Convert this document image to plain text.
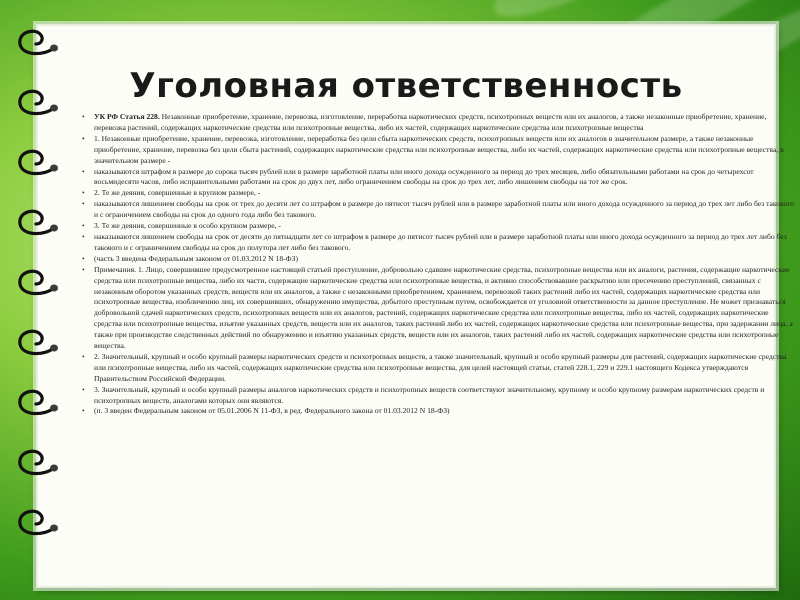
Уголовная ответственность
• УК РФ Статья 228. Незаконные приобретение, хранение, перевозка, изготовление, переработка наркотических средств, психотропных веществ или их аналогов, а также незаконные приобретение, хранение, перевозка растений, содержащих наркотические средства или психотропные вещества, либо их частей, содержащих наркотические средства или психотропные вещества
• 1. Незаконные приобретение, хранение, перевозка, изготовление, переработка без цели сбыта наркотических средств, психотропных веществ или их аналогов в значительном размере, а также незаконные приобретение, хранение, перевозка без цели сбыта растений, содержащих наркотические средства или психотропные вещества, либо их частей, содержащих наркотические средства или психотропные вещества, в значительном размере -
• наказываются штрафом в размере до сорока тысяч рублей или в размере заработной платы или иного дохода осужденного за период до трех месяцев, либо обязательными работами на срок до четырехсот восьмидесяти часов, либо исправительными работами на срок до двух лет, либо ограничением свободы на срок до трех лет, либо лишением свободы на тот же срок.
• 2. Те же деяния, совершенные в крупном размере, -
• наказываются лишением свободы на срок от трех до десяти лет со штрафом в размере до пятисот тысяч рублей или в размере заработной платы или иного дохода осужденного за период до трех лет либо без такового и с ограничением свободы на срок до одного года либо без такового.
• 3. Те же деяния, совершенные в особо крупном размере, -
• наказываются лишением свободы на срок от десяти до пятнадцати лет со штрафом в размере до пятисот тысяч рублей или в размере заработной платы или иного дохода осужденного за период до трех лет либо без такового и с ограничением свободы на срок до полутора лет либо без такового.
• (часть 3 введена Федеральным законом от 01.03.2012 N 18-ФЗ)
• Примечания. 1. Лицо, совершившее предусмотренное настоящей статьей преступление, добровольно сдавшее наркотические средства, психотропные вещества или их аналоги, растения, содержащие наркотические средства или психотропные вещества, либо их части, содержащие наркотические средства или психотропные вещества, и активно способствовавшее раскрытию или пресечению преступлений, связанных с незаконным оборотом указанных средств, веществ или их аналогов, а также с незаконными приобретением, хранением, перевозкой таких растений либо их частей, содержащих наркотические средства или психотропные вещества, изобличению лиц, их совершивших, обнаружению имущества, добытого преступным путем, освобождается от уголовной ответственности за данное преступление. Не может признаваться добровольной сдачей наркотических средств, психотропных веществ или их аналогов, растений, содержащих наркотические средства или психотропные вещества, либо их частей, содержащих наркотические средства или психотропные вещества, изъятие указанных средств, веществ или их аналогов, таких растений либо их частей, содержащих наркотические средства или психотропные вещества, при задержании лица, а также при производстве следственных действий по обнаружению и изъятию указанных средств, веществ или их аналогов, таких растений либо их частей, содержащих наркотические средства или психотропные вещества.
• 2. Значительный, крупный и особо крупный размеры наркотических средств и психотропных веществ, а также значительный, крупный и особо крупный размеры для растений, содержащих наркотические средства или психотропные вещества, либо их частей, содержащих наркотические средства или психотропные вещества, для целей настоящей статьи, статей 228.1, 229 и 229.1 настоящего Кодекса утверждаются Правительством Российской Федерации.
• 3. Значительный, крупный и особо крупный размеры аналогов наркотических средств и психотропных веществ соответствуют значительному, крупному и особо крупному размерам наркотических средств и психотропных веществ, аналогами которых они являются.
• (п. 3 введен Федеральным законом от 05.01.2006 N 11-ФЗ, в ред. Федерального закона от 01.03.2012 N 18-ФЗ)
